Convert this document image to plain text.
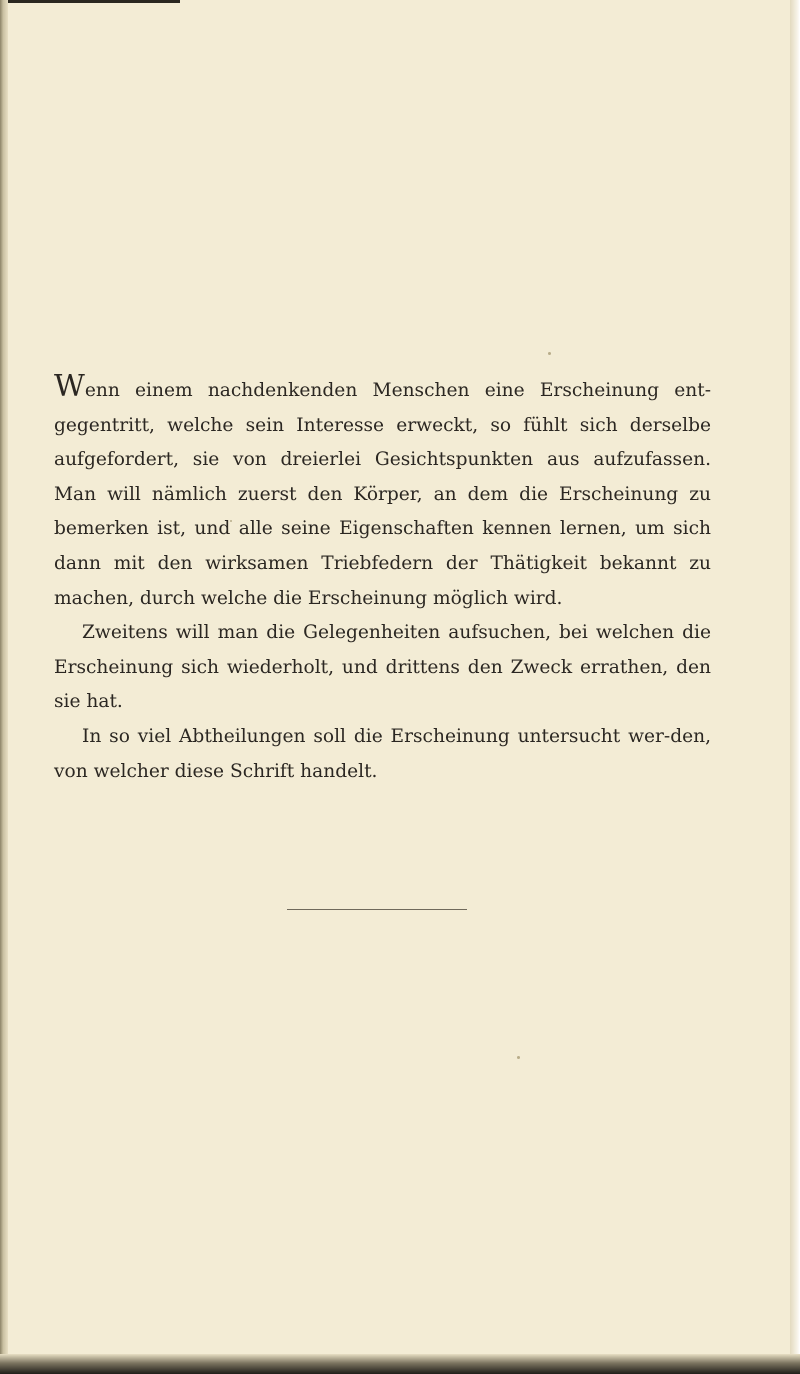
Wenn einem nachdenkenden Menschen eine Erscheinung ent-gegentritt, welche sein Interesse erweckt, so fühlt sich derselbe aufgefordert, sie von dreierlei Gesichtspunkten aus aufzufassen. Man will nämlich zuerst den Körper, an dem die Erscheinung zu bemerken ist, und alle seine Eigenschaften kennen lernen, um sich dann mit den wirksamen Triebfedern der Thätigkeit bekannt zu machen, durch welche die Erscheinung möglich wird.

Zweitens will man die Gelegenheiten aufsuchen, bei welchen die Erscheinung sich wiederholt, und drittens den Zweck errathen, den sie hat.

In so viel Abtheilungen soll die Erscheinung untersucht wer-den, von welcher diese Schrift handelt.
